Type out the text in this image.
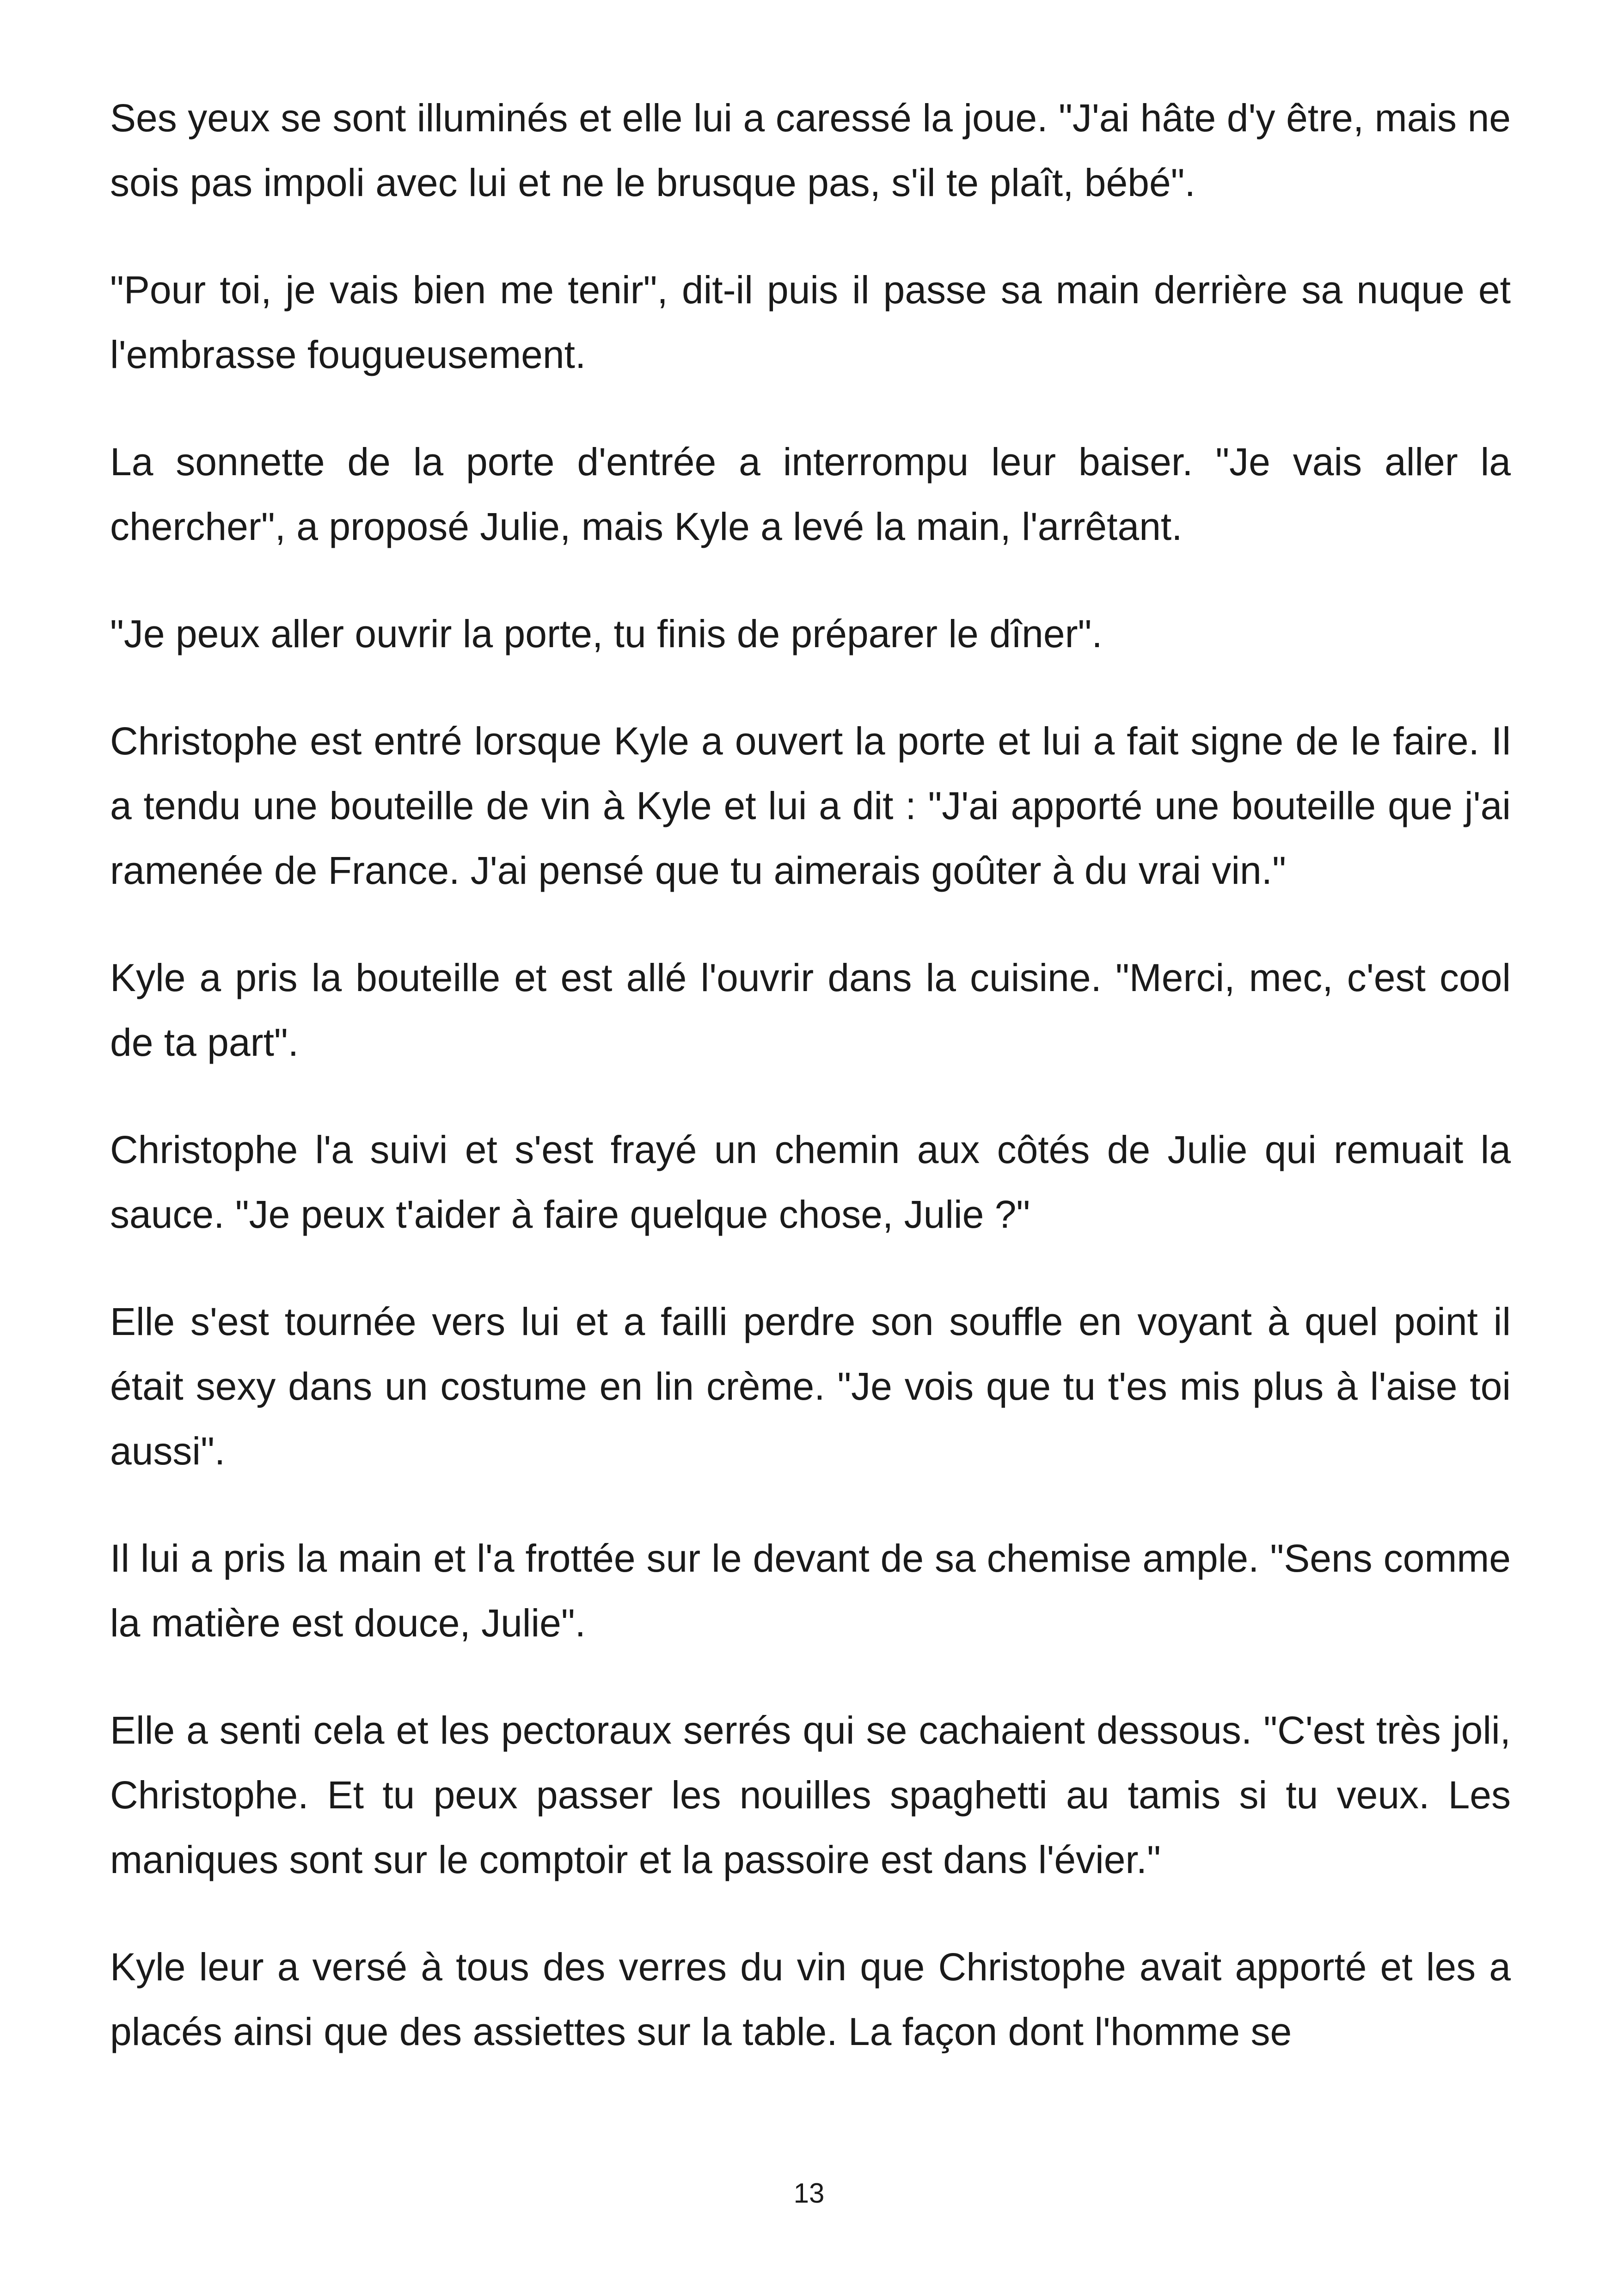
Ses yeux se sont illuminés et elle lui a caressé la joue. "J'ai hâte d'y être, mais ne sois pas impoli avec lui et ne le brusque pas, s'il te plaît, bébé".

"Pour toi, je vais bien me tenir", dit-il puis il passe sa main derrière sa nuque et l'embrasse fougueusement.

La sonnette de la porte d'entrée a interrompu leur baiser. "Je vais aller la chercher", a proposé Julie, mais Kyle a levé la main, l'arrêtant.

"Je peux aller ouvrir la porte, tu finis de préparer le dîner".

Christophe est entré lorsque Kyle a ouvert la porte et lui a fait signe de le faire. Il a tendu une bouteille de vin à Kyle et lui a dit : "J'ai apporté une bouteille que j'ai ramenée de France. J'ai pensé que tu aimerais goûter à du vrai vin."

Kyle a pris la bouteille et est allé l'ouvrir dans la cuisine. "Merci, mec, c'est cool de ta part".

Christophe l'a suivi et s'est frayé un chemin aux côtés de Julie qui remuait la sauce. "Je peux t'aider à faire quelque chose, Julie ?"

Elle s'est tournée vers lui et a failli perdre son souffle en voyant à quel point il était sexy dans un costume en lin crème. "Je vois que tu t'es mis plus à l'aise toi aussi".

Il lui a pris la main et l'a frottée sur le devant de sa chemise ample. "Sens comme la matière est douce, Julie".

Elle a senti cela et les pectoraux serrés qui se cachaient dessous. "C'est très joli, Christophe. Et tu peux passer les nouilles spaghetti au tamis si tu veux. Les maniques sont sur le comptoir et la passoire est dans l'évier."

Kyle leur a versé à tous des verres du vin que Christophe avait apporté et les a placés ainsi que des assiettes sur la table. La façon dont l'homme se

13
